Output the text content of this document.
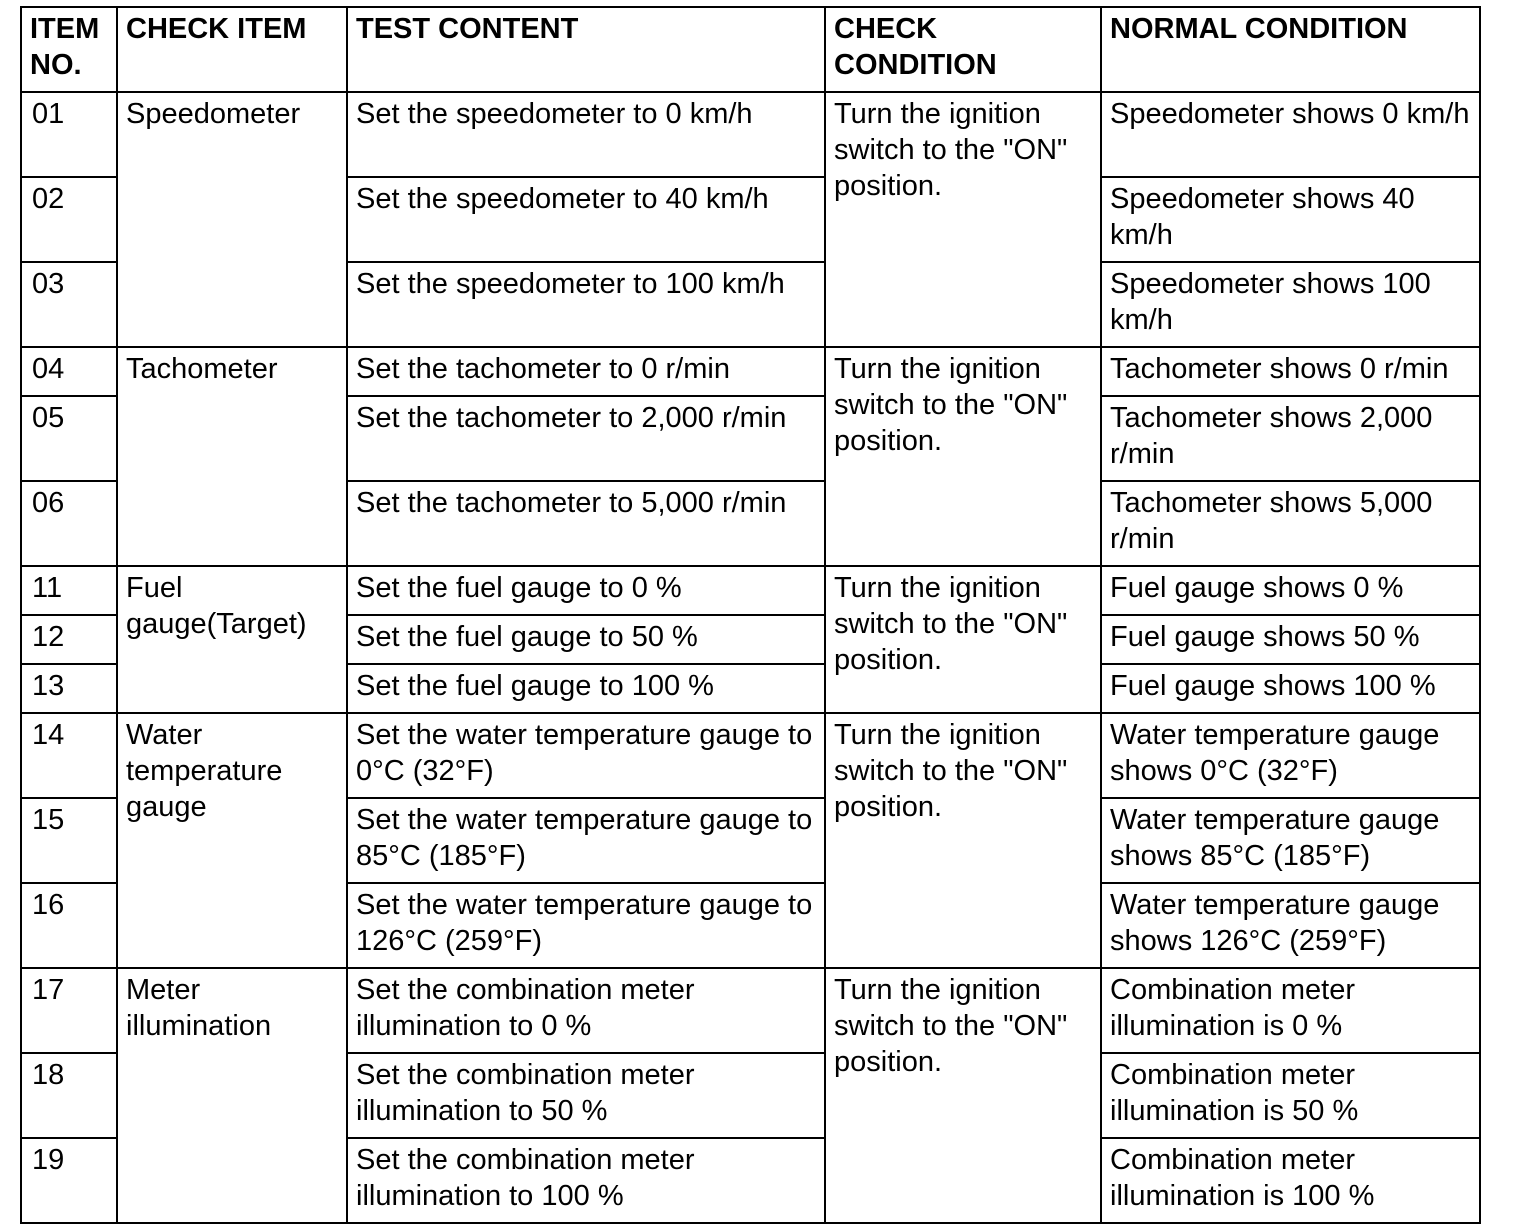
ITEM NO.	CHECK ITEM	TEST CONTENT	CHECK CONDITION	NORMAL CONDITION
01	Speedometer	Set the speedometer to 0 km/h	Turn the ignition switch to the "ON" position.	Speedometer shows 0 km/h
02		Set the speedometer to 40 km/h		Speedometer shows 40 km/h
03		Set the speedometer to 100 km/h		Speedometer shows 100 km/h
04	Tachometer	Set the tachometer to 0 r/min	Turn the ignition switch to the "ON" position.	Tachometer shows 0 r/min
05		Set the tachometer to 2,000 r/min		Tachometer shows 2,000 r/min
06		Set the tachometer to 5,000 r/min		Tachometer shows 5,000 r/min
11	Fuel gauge(Target)	Set the fuel gauge to 0 %	Turn the ignition switch to the "ON" position.	Fuel gauge shows 0 %
12		Set the fuel gauge to 50 %		Fuel gauge shows 50 %
13		Set the fuel gauge to 100 %		Fuel gauge shows 100 %
14	Water temperature gauge	Set the water temperature gauge to 0°C (32°F)	Turn the ignition switch to the "ON" position.	Water temperature gauge shows 0°C (32°F)
15		Set the water temperature gauge to 85°C (185°F)		Water temperature gauge shows 85°C (185°F)
16		Set the water temperature gauge to 126°C (259°F)		Water temperature gauge shows 126°C (259°F)
17	Meter illumination	Set the combination meter illumination to 0 %	Turn the ignition switch to the "ON" position.	Combination meter illumination is 0 %
18		Set the combination meter illumination to 50 %		Combination meter illumination is 50 %
19		Set the combination meter illumination to 100 %		Combination meter illumination is 100 %
